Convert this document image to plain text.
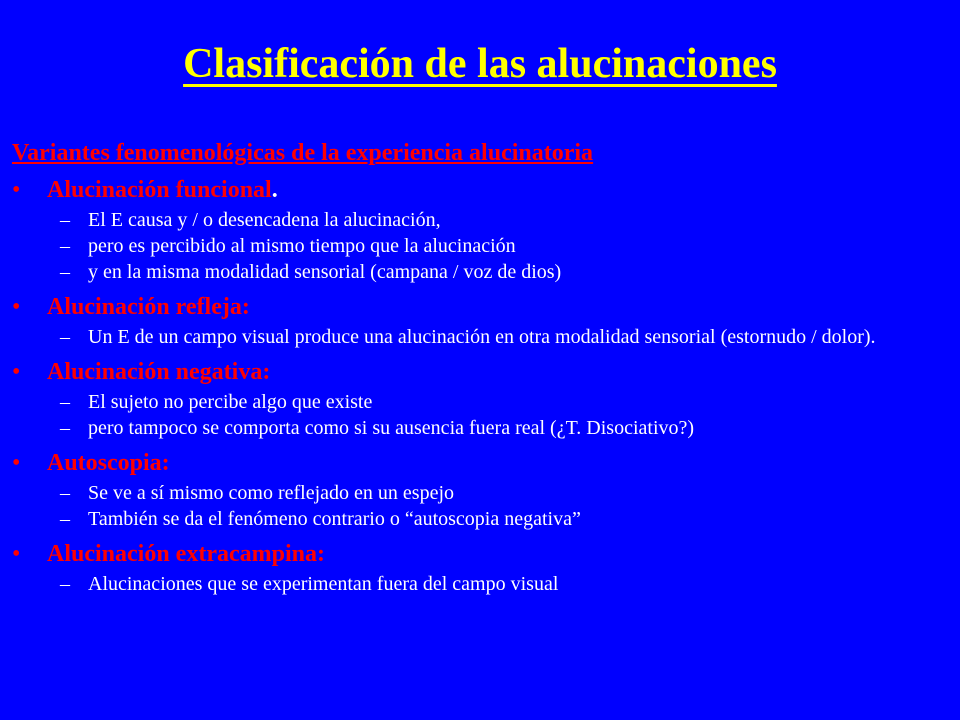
Clasificación de las alucinaciones
Variantes fenomenológicas de la experiencia alucinatoria
• Alucinación funcional.
– El E causa y / o desencadena la alucinación,
– pero es percibido al mismo tiempo que la alucinación
– y en la misma modalidad sensorial (campana / voz de dios)
• Alucinación refleja:
– Un E de un campo visual produce una alucinación en otra modalidad sensorial (estornudo / dolor).
• Alucinación negativa:
– El sujeto no percibe algo que existe
– pero tampoco se comporta como si su ausencia fuera real (¿T. Disociativo?)
• Autoscopia:
– Se ve a sí mismo como reflejado en un espejo
– También se da el fenómeno contrario o “autoscopia negativa”
• Alucinación extracampina:
– Alucinaciones que se experimentan fuera del campo visual
